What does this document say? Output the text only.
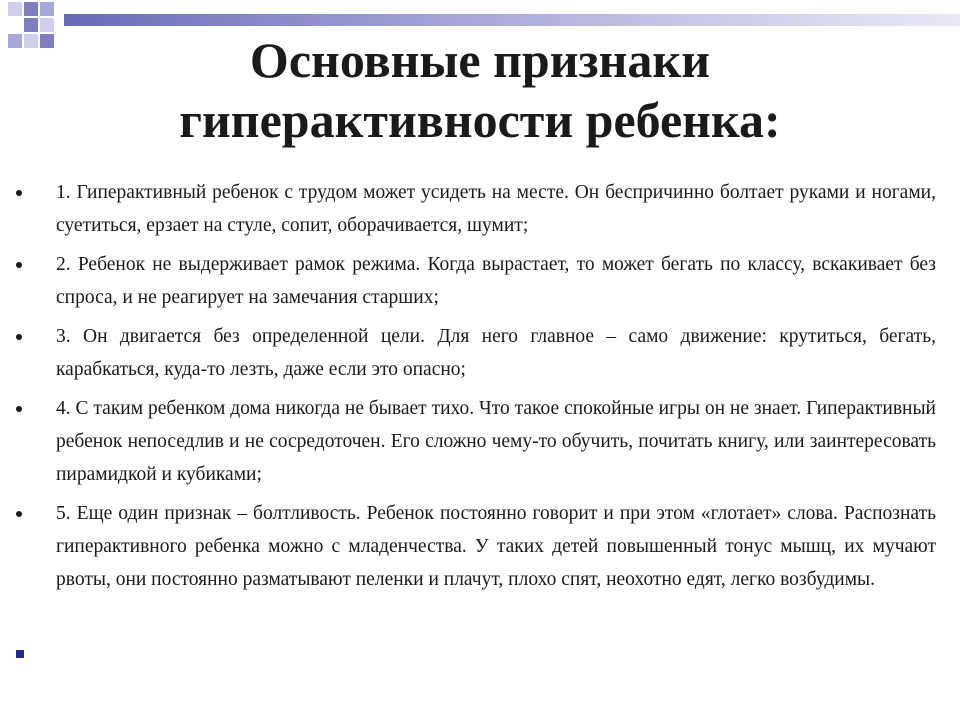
Основные признаки
гиперактивности ребенка:
1. Гиперактивный ребенок с трудом может усидеть на месте. Он беспричинно болтает руками и ногами, суетиться, ерзает на стуле, сопит, оборачивается, шумит;
2. Ребенок не выдерживает рамок режима. Когда вырастает, то может бегать по классу, вскакивает без спроса, и не реагирует на замечания старших;
3. Он двигается без определенной цели. Для него главное – само движение: крутиться, бегать, карабкаться, куда-то лезть, даже если это опасно;
4. С таким ребенком дома никогда не бывает тихо. Что такое спокойные игры он не знает. Гиперактивный ребенок непоседлив и не сосредоточен. Его сложно чему-то обучить, почитать книгу, или заинтересовать пирамидкой и кубиками;
5. Еще один признак – болтливость. Ребенок постоянно говорит и при этом «глотает» слова. Распознать гиперактивного ребенка можно с младенчества. У таких детей повышенный тонус мышц, их мучают рвоты, они постоянно разматывают пеленки и плачут, плохо спят, неохотно едят, легко возбудимы.
